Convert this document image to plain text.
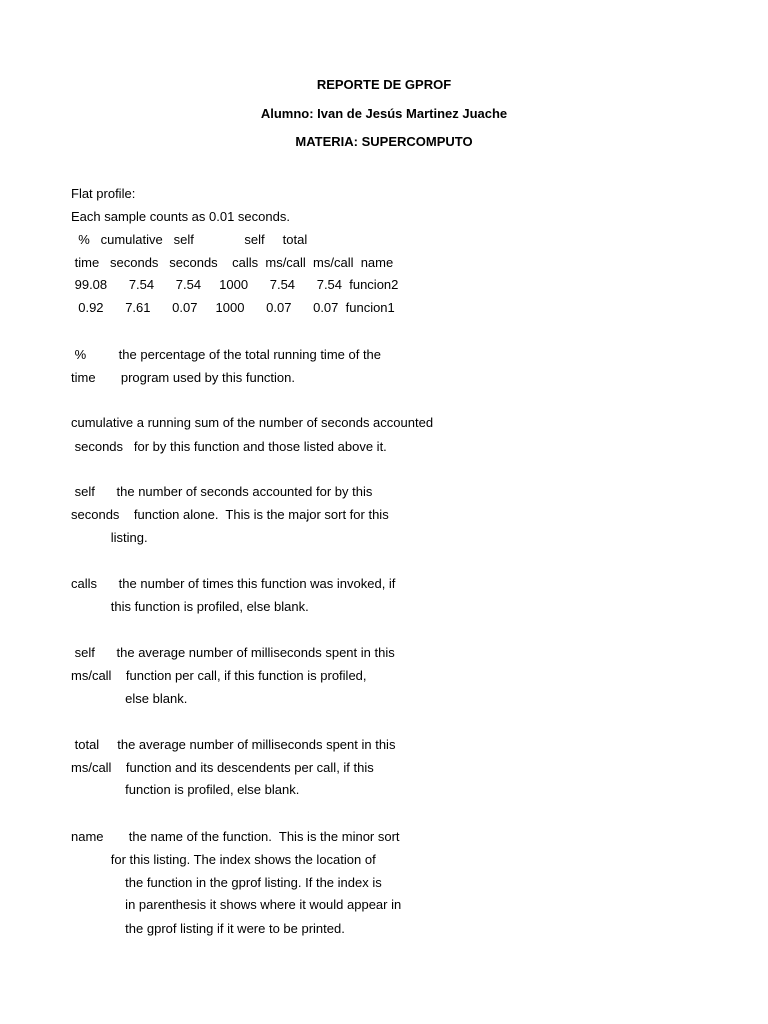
REPORTE DE GPROF
Alumno: Ivan de Jesús Martinez Juache
MATERIA: SUPERCOMPUTO
Flat profile:
Each sample counts as 0.01 seconds.
%   cumulative   self              self     total
time   seconds   seconds    calls  ms/call  ms/call  name
99.08      7.54      7.54     1000      7.54      7.54  funcion2
0.92      7.61      0.07     1000      0.07      0.07  funcion1
%         the percentage of the total running time of the
time       program used by this function.
cumulative a running sum of the number of seconds accounted
seconds   for by this function and those listed above it.
self      the number of seconds accounted for by this
seconds    function alone.  This is the major sort for this
listing.
calls      the number of times this function was invoked, if
this function is profiled, else blank.
self      the average number of milliseconds spent in this
ms/call    function per call, if this function is profiled,
else blank.
total     the average number of milliseconds spent in this
ms/call    function and its descendents per call, if this
function is profiled, else blank.
name       the name of the function.  This is the minor sort
for this listing. The index shows the location of
the function in the gprof listing. If the index is
in parenthesis it shows where it would appear in
the gprof listing if it were to be printed.
